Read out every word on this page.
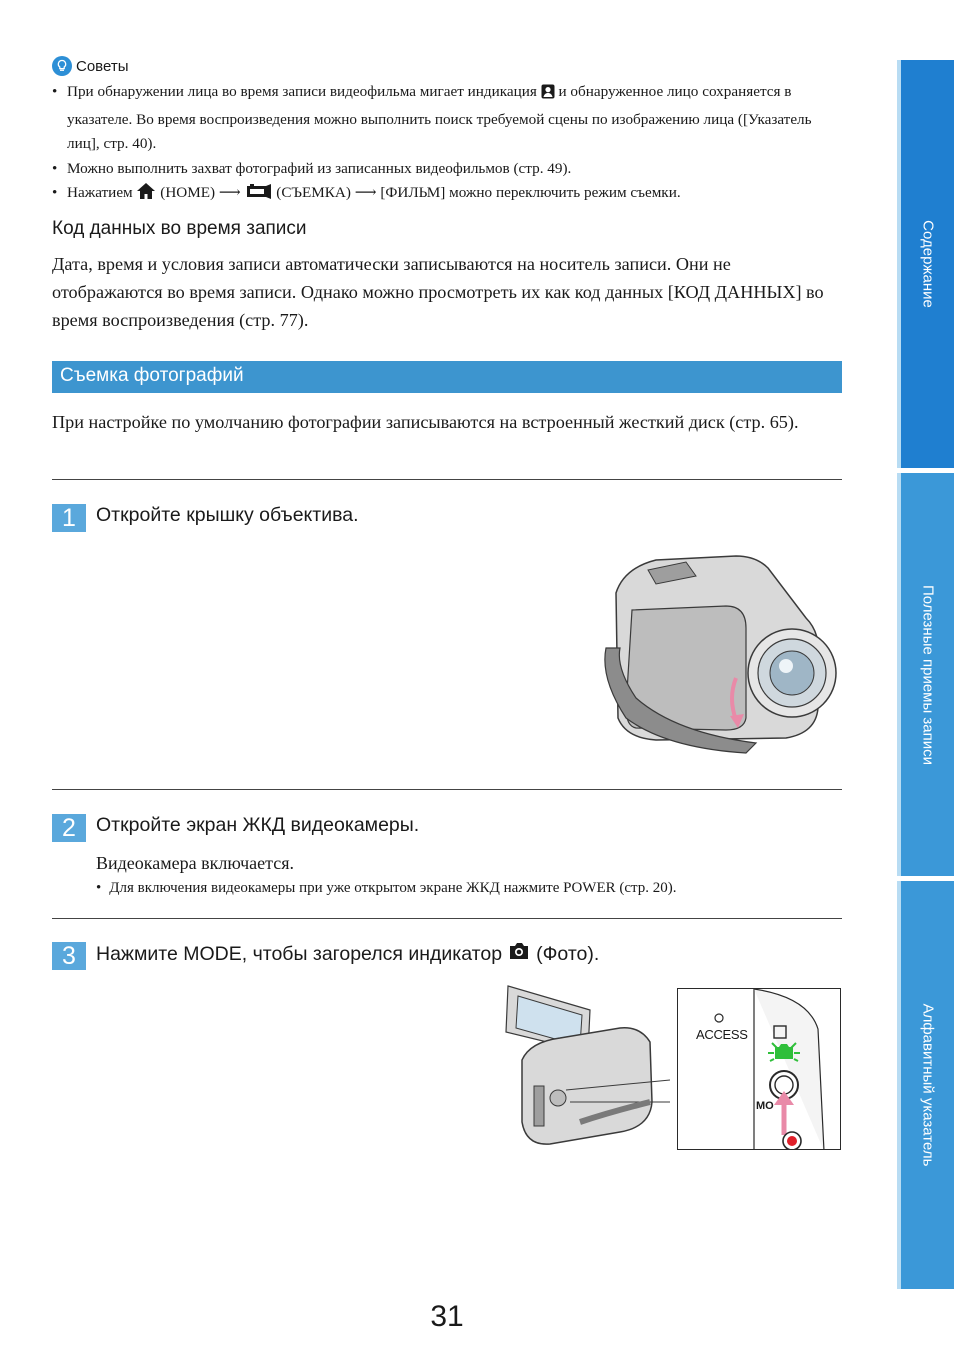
Советы
• При обнаружении лица во время записи видеофильма мигает индикация и обнаруженное лицо сохраняется в указателе. Во время воспроизведения можно выполнить поиск требуемой сцены по изображению лица ([Указатель лиц], стр. 40).
• Можно выполнить захват фотографий из записанных видеофильмов (стр. 49).
• Нажатием (HOME) ⟶ (СЪЕМКА) ⟶ [ФИЛЬМ] можно переключить режим съемки.
Код данных во время записи

Дата, время и условия записи автоматически записываются на носитель записи. Они не отображаются во время записи. Однако можно просмотреть их как код данных [КОД ДАННЫХ] во время воспроизведения (стр. 77).

Съемка фотографий

При настройке по умолчанию фотографии записываются на встроенный жесткий диск (стр. 65).

1	Откройте крышку объектива.
2	Откройте экран ЖКД видеокамеры.
Видеокамера включается.
• Для включения видеокамеры при уже открытом экране ЖКД нажмите POWER (стр. 20).
3	Нажмите MODE, чтобы загорелся индикатор (Фото).
ACCESS
MO
Содержание
Полезные приемы записи
Алфавитный указатель
31
